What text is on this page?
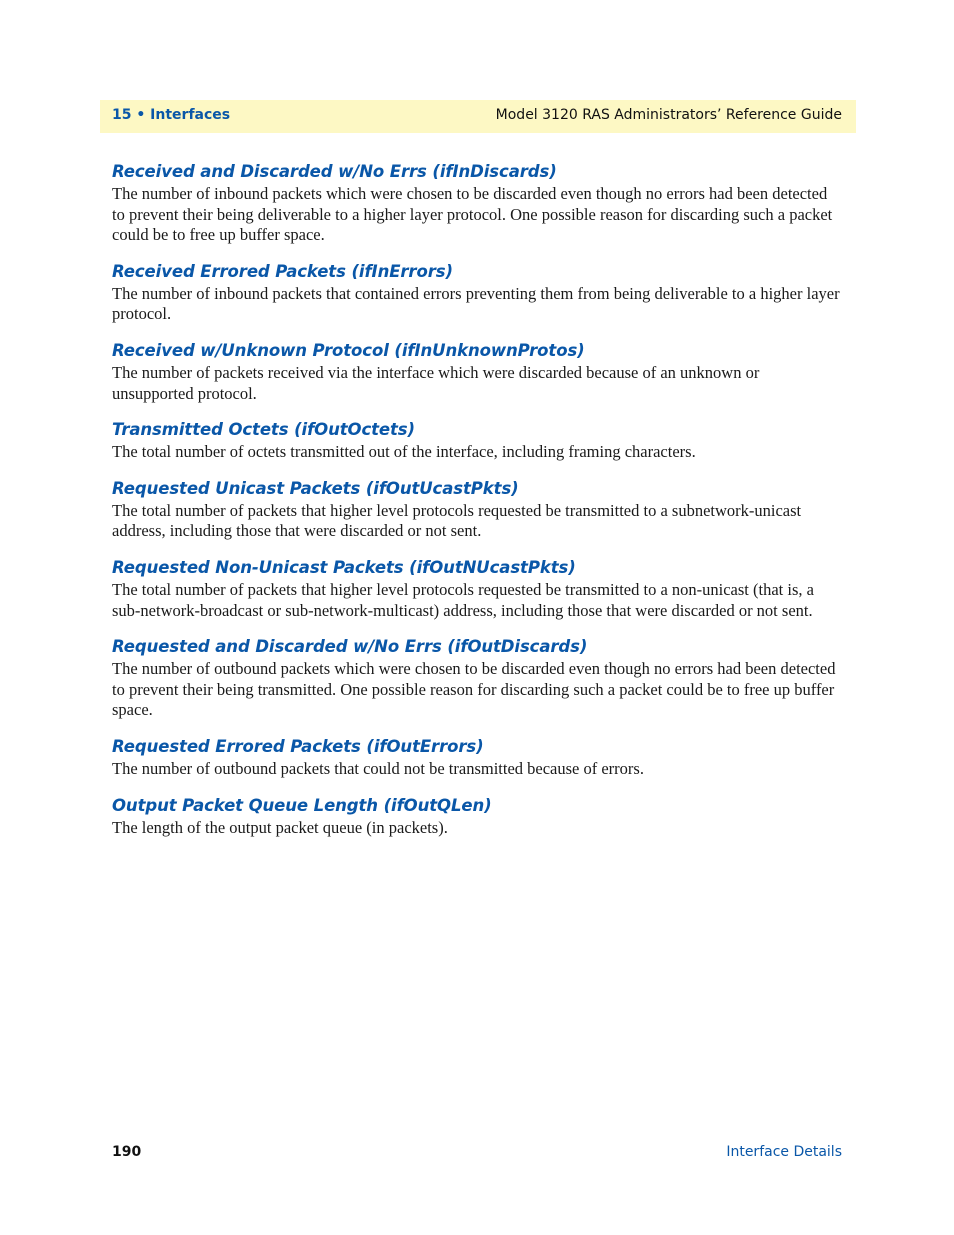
15 • Interfaces	Model 3120 RAS Administrators’ Reference Guide
Received and Discarded w/No Errs (ifInDiscards)

The number of inbound packets which were chosen to be discarded even though no errors had been detected to prevent their being deliverable to a higher layer protocol. One possible reason for discarding such a packet could be to free up buffer space.

Received Errored Packets (ifInErrors)

The number of inbound packets that contained errors preventing them from being deliverable to a higher layer protocol.

Received w/Unknown Protocol (ifInUnknownProtos)

The number of packets received via the interface which were discarded because of an unknown or unsupported protocol.

Transmitted Octets (ifOutOctets)

The total number of octets transmitted out of the interface, including framing characters.

Requested Unicast Packets (ifOutUcastPkts)

The total number of packets that higher level protocols requested be transmitted to a subnetwork-unicast address, including those that were discarded or not sent.

Requested Non-Unicast Packets (ifOutNUcastPkts)

The total number of packets that higher level protocols requested be transmitted to a non-unicast (that is, a sub-network-broadcast or sub-network-multicast) address, including those that were discarded or not sent.

Requested and Discarded w/No Errs (ifOutDiscards)

The number of outbound packets which were chosen to be discarded even though no errors had been detected to prevent their being transmitted. One possible reason for discarding such a packet could be to free up buffer space.

Requested Errored Packets (ifOutErrors)

The number of outbound packets that could not be transmitted because of errors.

Output Packet Queue Length (ifOutQLen)

The length of the output packet queue (in packets).

190	Interface Details
